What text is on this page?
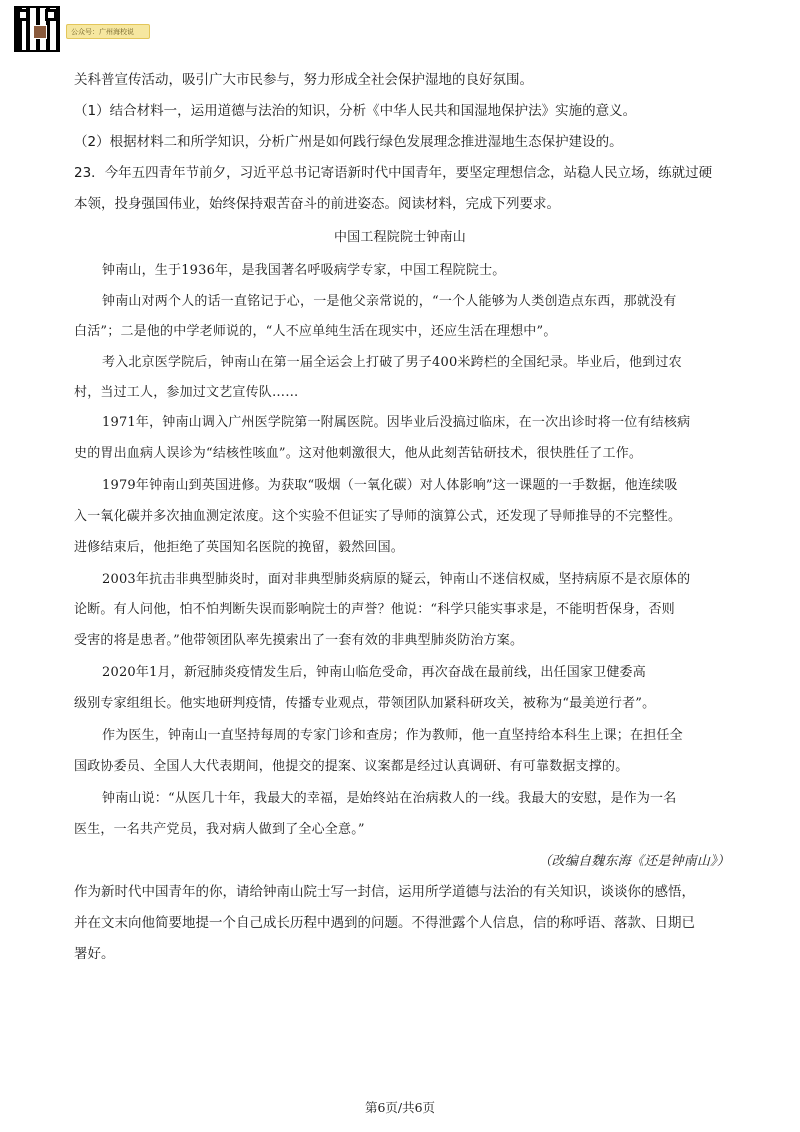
公众号：广州海校说
关科普宣传活动，吸引广大市民参与，努力形成全社会保护湿地的良好氛围。
（1）结合材料一，运用道德与法治的知识，分析《中华人民共和国湿地保护法》实施的意义。
（2）根据材料二和所学知识，分析广州是如何践行绿色发展理念推进湿地生态保护建设的。
23．今年五四青年节前夕，习近平总书记寄语新时代中国青年，要坚定理想信念，站稳人民立场，练就过硬
本领，投身强国伟业，始终保持艰苦奋斗的前进姿态。阅读材料，完成下列要求。
中国工程院院士钟南山
钟南山，生于1936年，是我国著名呼吸病学专家，中国工程院院士。
钟南山对两个人的话一直铭记于心，一是他父亲常说的，“一个人能够为人类创造点东西，那就没有
白活”；二是他的中学老师说的，“人不应单纯生活在现实中，还应生活在理想中”。
考入北京医学院后，钟南山在第一届全运会上打破了男子400米跨栏的全国纪录。毕业后，他到过农
村，当过工人，参加过文艺宣传队……
1971年，钟南山调入广州医学院第一附属医院。因毕业后没搞过临床，在一次出诊时将一位有结核病
史的胃出血病人误诊为“结核性咳血”。这对他刺激很大，他从此刻苦钻研技术，很快胜任了工作。
1979年钟南山到英国进修。为获取“吸烟（一氧化碳）对人体影响”这一课题的一手数据，他连续吸
入一氧化碳并多次抽血测定浓度。这个实验不但证实了导师的演算公式，还发现了导师推导的不完整性。
进修结束后，他拒绝了英国知名医院的挽留，毅然回国。
2003年抗击非典型肺炎时，面对非典型肺炎病原的疑云，钟南山不迷信权威，坚持病原不是衣原体的
论断。有人问他，怕不怕判断失误而影响院士的声誉？他说：“科学只能实事求是，不能明哲保身，否则
受害的将是患者。”他带领团队率先摸索出了一套有效的非典型肺炎防治方案。
2020年1月，新冠肺炎疫情发生后，钟南山临危受命，再次奋战在最前线，出任国家卫健委高
级别专家组组长。他实地研判疫情，传播专业观点，带领团队加紧科研攻关，被称为“最美逆行者”。
作为医生，钟南山一直坚持每周的专家门诊和查房；作为教师，他一直坚持给本科生上课；在担任全
国政协委员、全国人大代表期间，他提交的提案、议案都是经过认真调研、有可靠数据支撑的。
钟南山说：“从医几十年，我最大的幸福，是始终站在治病救人的一线。我最大的安慰，是作为一名
医生，一名共产党员，我对病人做到了全心全意。”
（改编自魏东海《还是钟南山》）
作为新时代中国青年的你，请给钟南山院士写一封信，运用所学道德与法治的有关知识，谈谈你的感悟，
并在文末向他简要地提一个自己成长历程中遇到的问题。不得泄露个人信息，信的称呼语、落款、日期已
署好。
第6页/共6页
